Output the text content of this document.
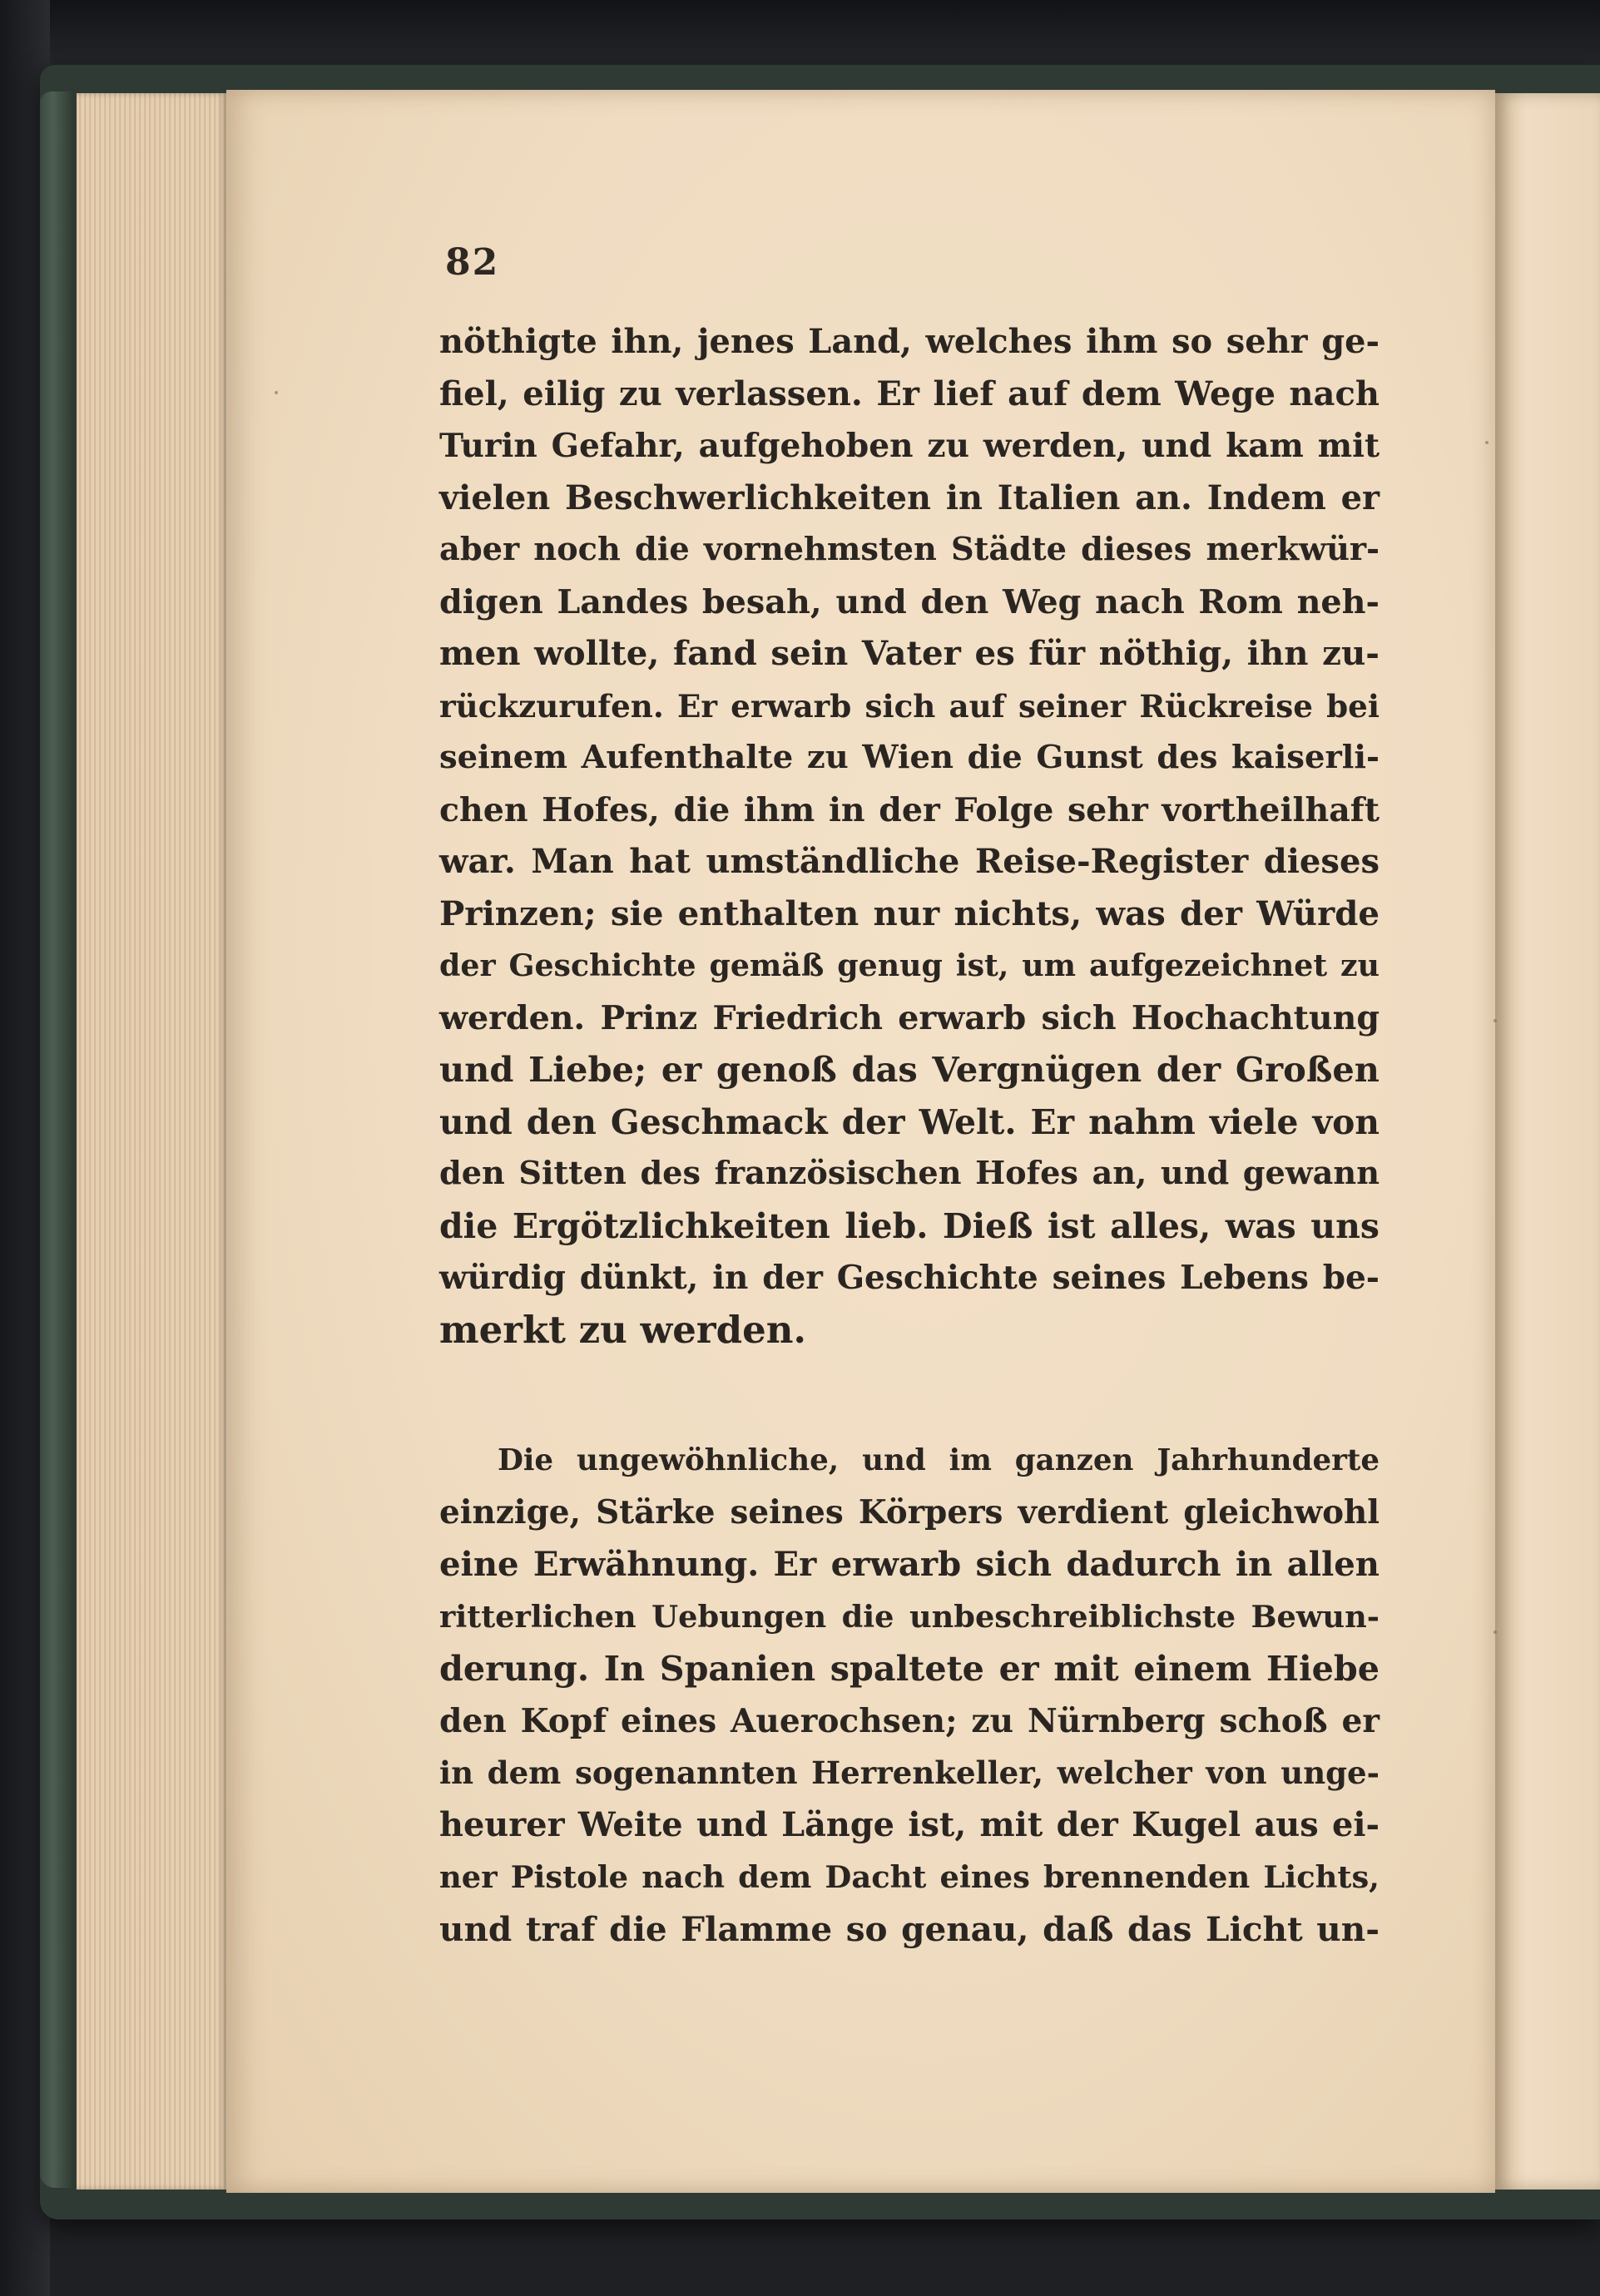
82
nöthigte ihn, jenes Land, welches ihm so sehr ge-
fiel, eilig zu verlassen. Er lief auf dem Wege nach
Turin Gefahr, aufgehoben zu werden, und kam mit
vielen Beschwerlichkeiten in Italien an. Indem er
aber noch die vornehmsten Städte dieses merkwür-
digen Landes besah, und den Weg nach Rom neh-
men wollte, fand sein Vater es für nöthig, ihn zu-
rückzurufen. Er erwarb sich auf seiner Rückreise bei
seinem Aufenthalte zu Wien die Gunst des kaiserli-
chen Hofes, die ihm in der Folge sehr vortheilhaft
war. Man hat umständliche Reise-Register dieses
Prinzen; sie enthalten nur nichts, was der Würde
der Geschichte gemäß genug ist, um aufgezeichnet zu
werden. Prinz Friedrich erwarb sich Hochachtung
und Liebe; er genoß das Vergnügen der Großen
und den Geschmack der Welt. Er nahm viele von
den Sitten des französischen Hofes an, und gewann
die Ergötzlichkeiten lieb. Dieß ist alles, was uns
würdig dünkt, in der Geschichte seines Lebens be-
merkt zu werden.
Die ungewöhnliche, und im ganzen Jahrhunderte
einzige, Stärke seines Körpers verdient gleichwohl
eine Erwähnung. Er erwarb sich dadurch in allen
ritterlichen Uebungen die unbeschreiblichste Bewun-
derung. In Spanien spaltete er mit einem Hiebe
den Kopf eines Auerochsen; zu Nürnberg schoß er
in dem sogenannten Herrenkeller, welcher von unge-
heurer Weite und Länge ist, mit der Kugel aus ei-
ner Pistole nach dem Dacht eines brennenden Lichts,
und traf die Flamme so genau, daß das Licht un-
